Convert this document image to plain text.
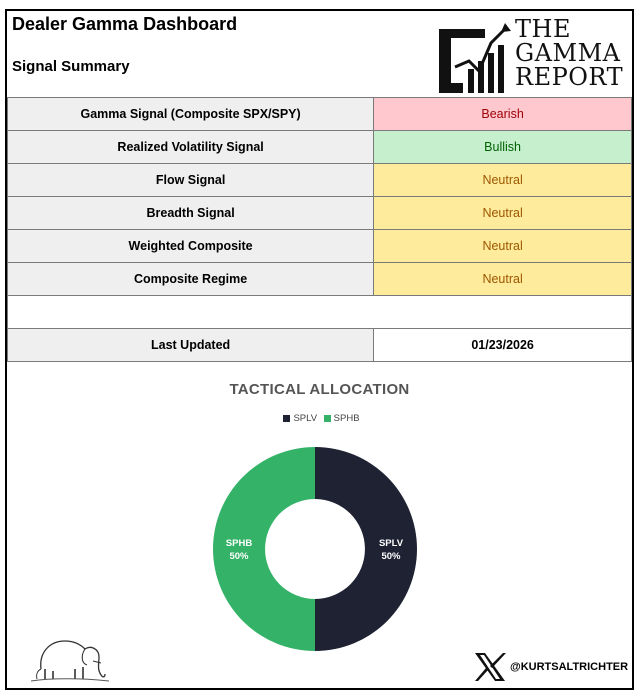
Dealer Gamma Dashboard
Signal Summary
THE
GAMMA
REPORT
Gamma Signal (Composite SPX/SPY)	Bearish
Realized Volatility Signal	Bullish
Flow Signal	Neutral
Breadth Signal	Neutral
Weighted Composite	Neutral
Composite Regime	Neutral

Last Updated	01/23/2026
TACTICAL ALLOCATION
SPLV SPHB
SPLV
50%
SPHB
50%
@KURTSALTRICHTER
